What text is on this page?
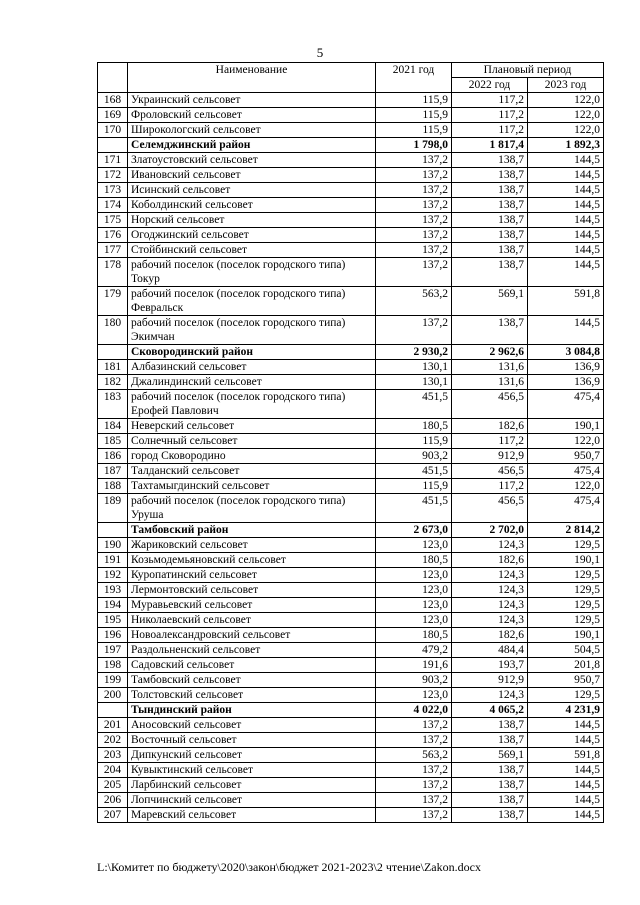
5
	Наименование	2021 год	Плановый период	
			2022 год	2023 год
168	Украинский сельсовет	115,9	117,2	122,0
169	Фроловский сельсовет	115,9	117,2	122,0
170	Широкологский сельсовет	115,9	117,2	122,0
	Селемджинский район	1 798,0	1 817,4	1 892,3
171	Златоустовский сельсовет	137,2	138,7	144,5
172	Ивановский сельсовет	137,2	138,7	144,5
173	Исинский сельсовет	137,2	138,7	144,5
174	Коболдинский сельсовет	137,2	138,7	144,5
175	Норский сельсовет	137,2	138,7	144,5
176	Огоджинский сельсовет	137,2	138,7	144,5
177	Стойбинский сельсовет	137,2	138,7	144,5
178	рабочий поселок (поселок городского типа) Токур	137,2	138,7	144,5
179	рабочий поселок (поселок городского типа) Февральск	563,2	569,1	591,8
180	рабочий поселок (поселок городского типа) Экимчан	137,2	138,7	144,5
	Сковородинский район	2 930,2	2 962,6	3 084,8
181	Албазинский сельсовет	130,1	131,6	136,9
182	Джалиндинский сельсовет	130,1	131,6	136,9
183	рабочий поселок (поселок городского типа) Ерофей Павлович	451,5	456,5	475,4
184	Неверский сельсовет	180,5	182,6	190,1
185	Солнечный сельсовет	115,9	117,2	122,0
186	город Сковородино	903,2	912,9	950,7
187	Талданский сельсовет	451,5	456,5	475,4
188	Тахтамыгдинский сельсовет	115,9	117,2	122,0
189	рабочий поселок (поселок городского типа) Уруша	451,5	456,5	475,4
	Тамбовский район	2 673,0	2 702,0	2 814,2
190	Жариковский сельсовет	123,0	124,3	129,5
191	Козьмодемьяновский сельсовет	180,5	182,6	190,1
192	Куропатинский сельсовет	123,0	124,3	129,5
193	Лермонтовский сельсовет	123,0	124,3	129,5
194	Муравьевский сельсовет	123,0	124,3	129,5
195	Николаевский сельсовет	123,0	124,3	129,5
196	Новоалександровский сельсовет	180,5	182,6	190,1
197	Раздольненский сельсовет	479,2	484,4	504,5
198	Садовский сельсовет	191,6	193,7	201,8
199	Тамбовский сельсовет	903,2	912,9	950,7
200	Толстовский сельсовет	123,0	124,3	129,5
	Тындинский район	4 022,0	4 065,2	4 231,9
201	Аносовский сельсовет	137,2	138,7	144,5
202	Восточный сельсовет	137,2	138,7	144,5
203	Дипкунский сельсовет	563,2	569,1	591,8
204	Кувыктинский сельсовет	137,2	138,7	144,5
205	Ларбинский сельсовет	137,2	138,7	144,5
206	Лопчинский сельсовет	137,2	138,7	144,5
207	Маревский сельсовет	137,2	138,7	144,5
L:\Комитет по бюджету\2020\закон\бюджет 2021-2023\2 чтение\Zakon.docx
